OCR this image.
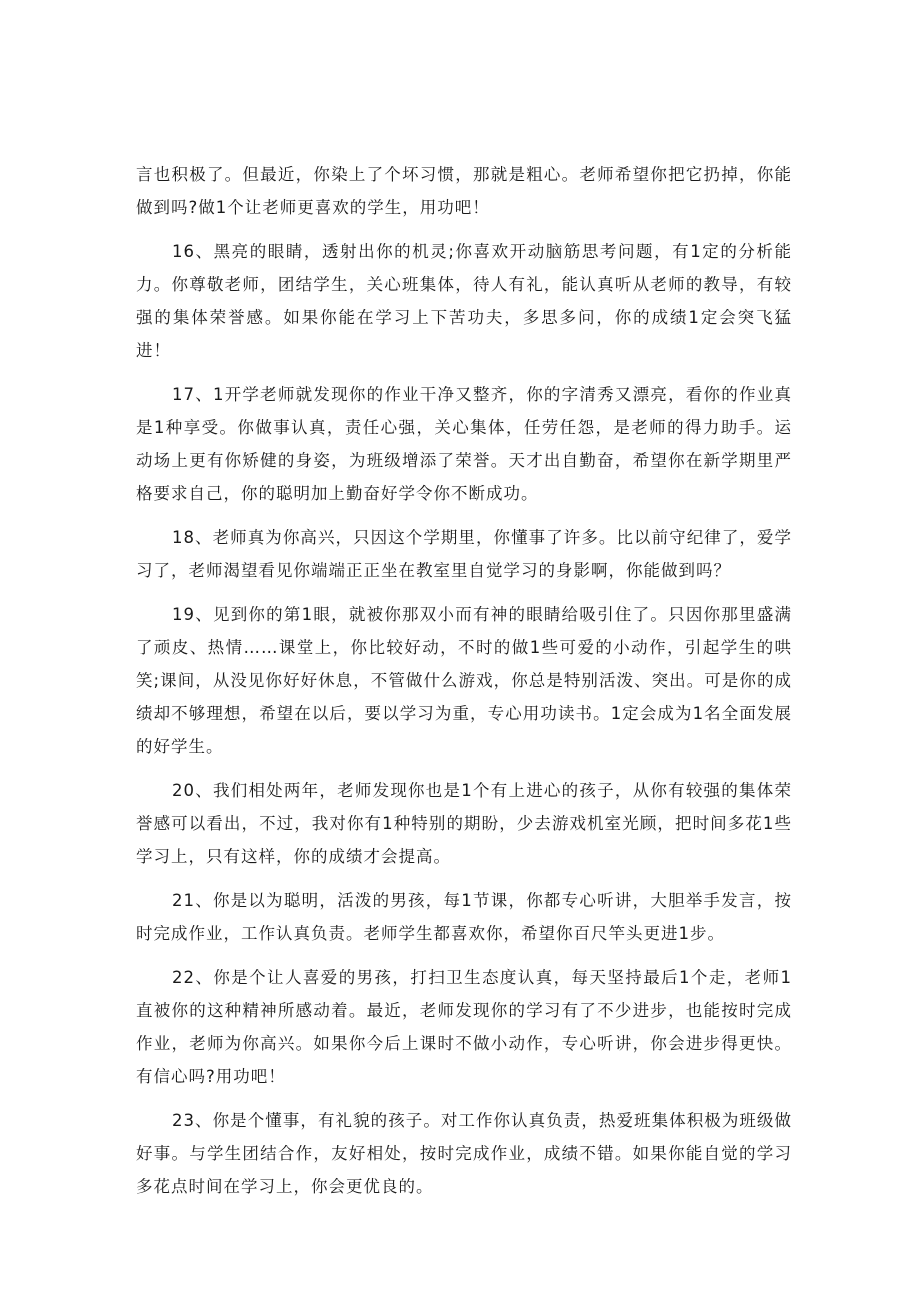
言也积极了。但最近，你染上了个坏习惯，那就是粗心。老师希望你把它扔掉，你能做到吗?做1个让老师更喜欢的学生，用功吧！

16、黑亮的眼睛，透射出你的机灵;你喜欢开动脑筋思考问题，有1定的分析能力。你尊敬老师，团结学生，关心班集体，待人有礼，能认真听从老师的教导，有较强的集体荣誉感。如果你能在学习上下苦功夫，多思多问，你的成绩1定会突飞猛进！

17、1开学老师就发现你的作业干净又整齐，你的字清秀又漂亮，看你的作业真是1种享受。你做事认真，责任心强，关心集体，任劳任怨，是老师的得力助手。运动场上更有你矫健的身姿，为班级增添了荣誉。天才出自勤奋，希望你在新学期里严格要求自己，你的聪明加上勤奋好学令你不断成功。

18、老师真为你高兴，只因这个学期里，你懂事了许多。比以前守纪律了，爱学习了，老师渴望看见你端端正正坐在教室里自觉学习的身影啊，你能做到吗？

19、见到你的第1眼，就被你那双小而有神的眼睛给吸引住了。只因你那里盛满了顽皮、热情……课堂上，你比较好动，不时的做1些可爱的小动作，引起学生的哄笑;课间，从没见你好好休息，不管做什么游戏，你总是特别活泼、突出。可是你的成绩却不够理想，希望在以后，要以学习为重，专心用功读书。1定会成为1名全面发展的好学生。

20、我们相处两年，老师发现你也是1个有上进心的孩子，从你有较强的集体荣誉感可以看出，不过，我对你有1种特别的期盼，少去游戏机室光顾，把时间多花1些学习上，只有这样，你的成绩才会提高。

21、你是以为聪明，活泼的男孩，每1节课，你都专心听讲，大胆举手发言，按时完成作业，工作认真负责。老师学生都喜欢你，希望你百尺竿头更进1步。

22、你是个让人喜爱的男孩，打扫卫生态度认真，每天坚持最后1个走，老师1直被你的这种精神所感动着。最近，老师发现你的学习有了不少进步，也能按时完成作业，老师为你高兴。如果你今后上课时不做小动作，专心听讲，你会进步得更快。有信心吗?用功吧！

23、你是个懂事，有礼貌的孩子。对工作你认真负责，热爱班集体积极为班级做好事。与学生团结合作，友好相处，按时完成作业，成绩不错。如果你能自觉的学习多花点时间在学习上，你会更优良的。
